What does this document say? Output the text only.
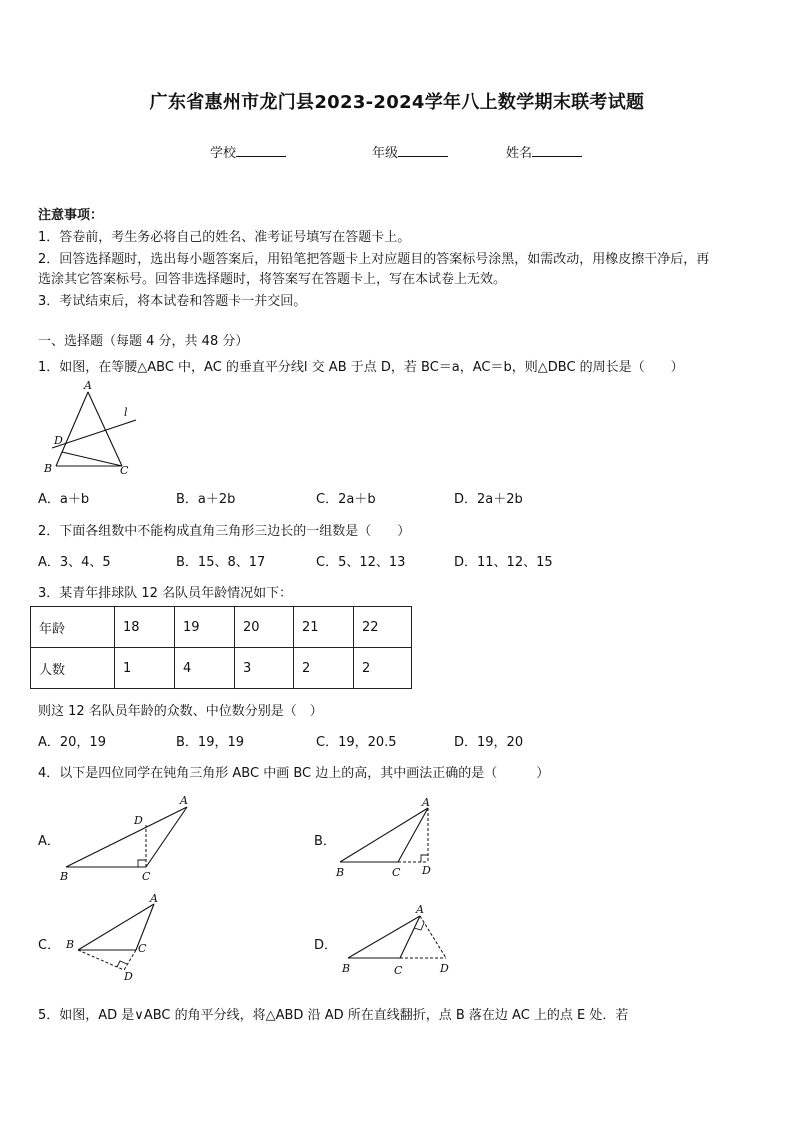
广东省惠州市龙门县2023-2024学年八上数学期末联考试题
学校	年级	姓名
注意事项：
1．答卷前，考生务必将自己的姓名、准考证号填写在答题卡上。
2．回答选择题时，选出每小题答案后，用铅笔把答题卡上对应题目的答案标号涂黑，如需改动，用橡皮擦干净后，再
选涂其它答案标号。回答非选择题时，将答案写在答题卡上，写在本试卷上无效。
3．考试结束后，将本试卷和答题卡一并交回。
一、选择题（每题 4 分，共 48 分）
1．如图，在等腰△ABC 中，AC 的垂直平分线l 交 AB 于点 D，若 BC＝a，AC＝b，则△DBC 的周长是（　　）
A
B	C
D
l
A．a＋b	B．a＋2b	C．2a＋b	D．2a＋2b
2．下面各组数中不能构成直角三角形三边长的一组数是（　　）
A．3、4、5	B．15、8、17	C．5、12、13	D．11、12、15
3．某青年排球队 12 名队员年龄情况如下：
年龄	18	19	20	21	22
人数	1	4	3	2	2
则这 12 名队员年龄的众数、中位数分别是（　）
A．20，19	B．19，19	C．19，20.5	D．19，20
4．以下是四位同学在钝角三角形 ABC 中画 BC 边上的高，其中画法正确的是（　　　）
A．
A
B	C
D
B．
A
B	C D
C．
A
B	C
D
D．
A
B	C	D
5．如图，AD 是∨ABC 的角平分线，将△ABD 沿 AD 所在直线翻折，点 B 落在边 AC 上的点 E 处．若
